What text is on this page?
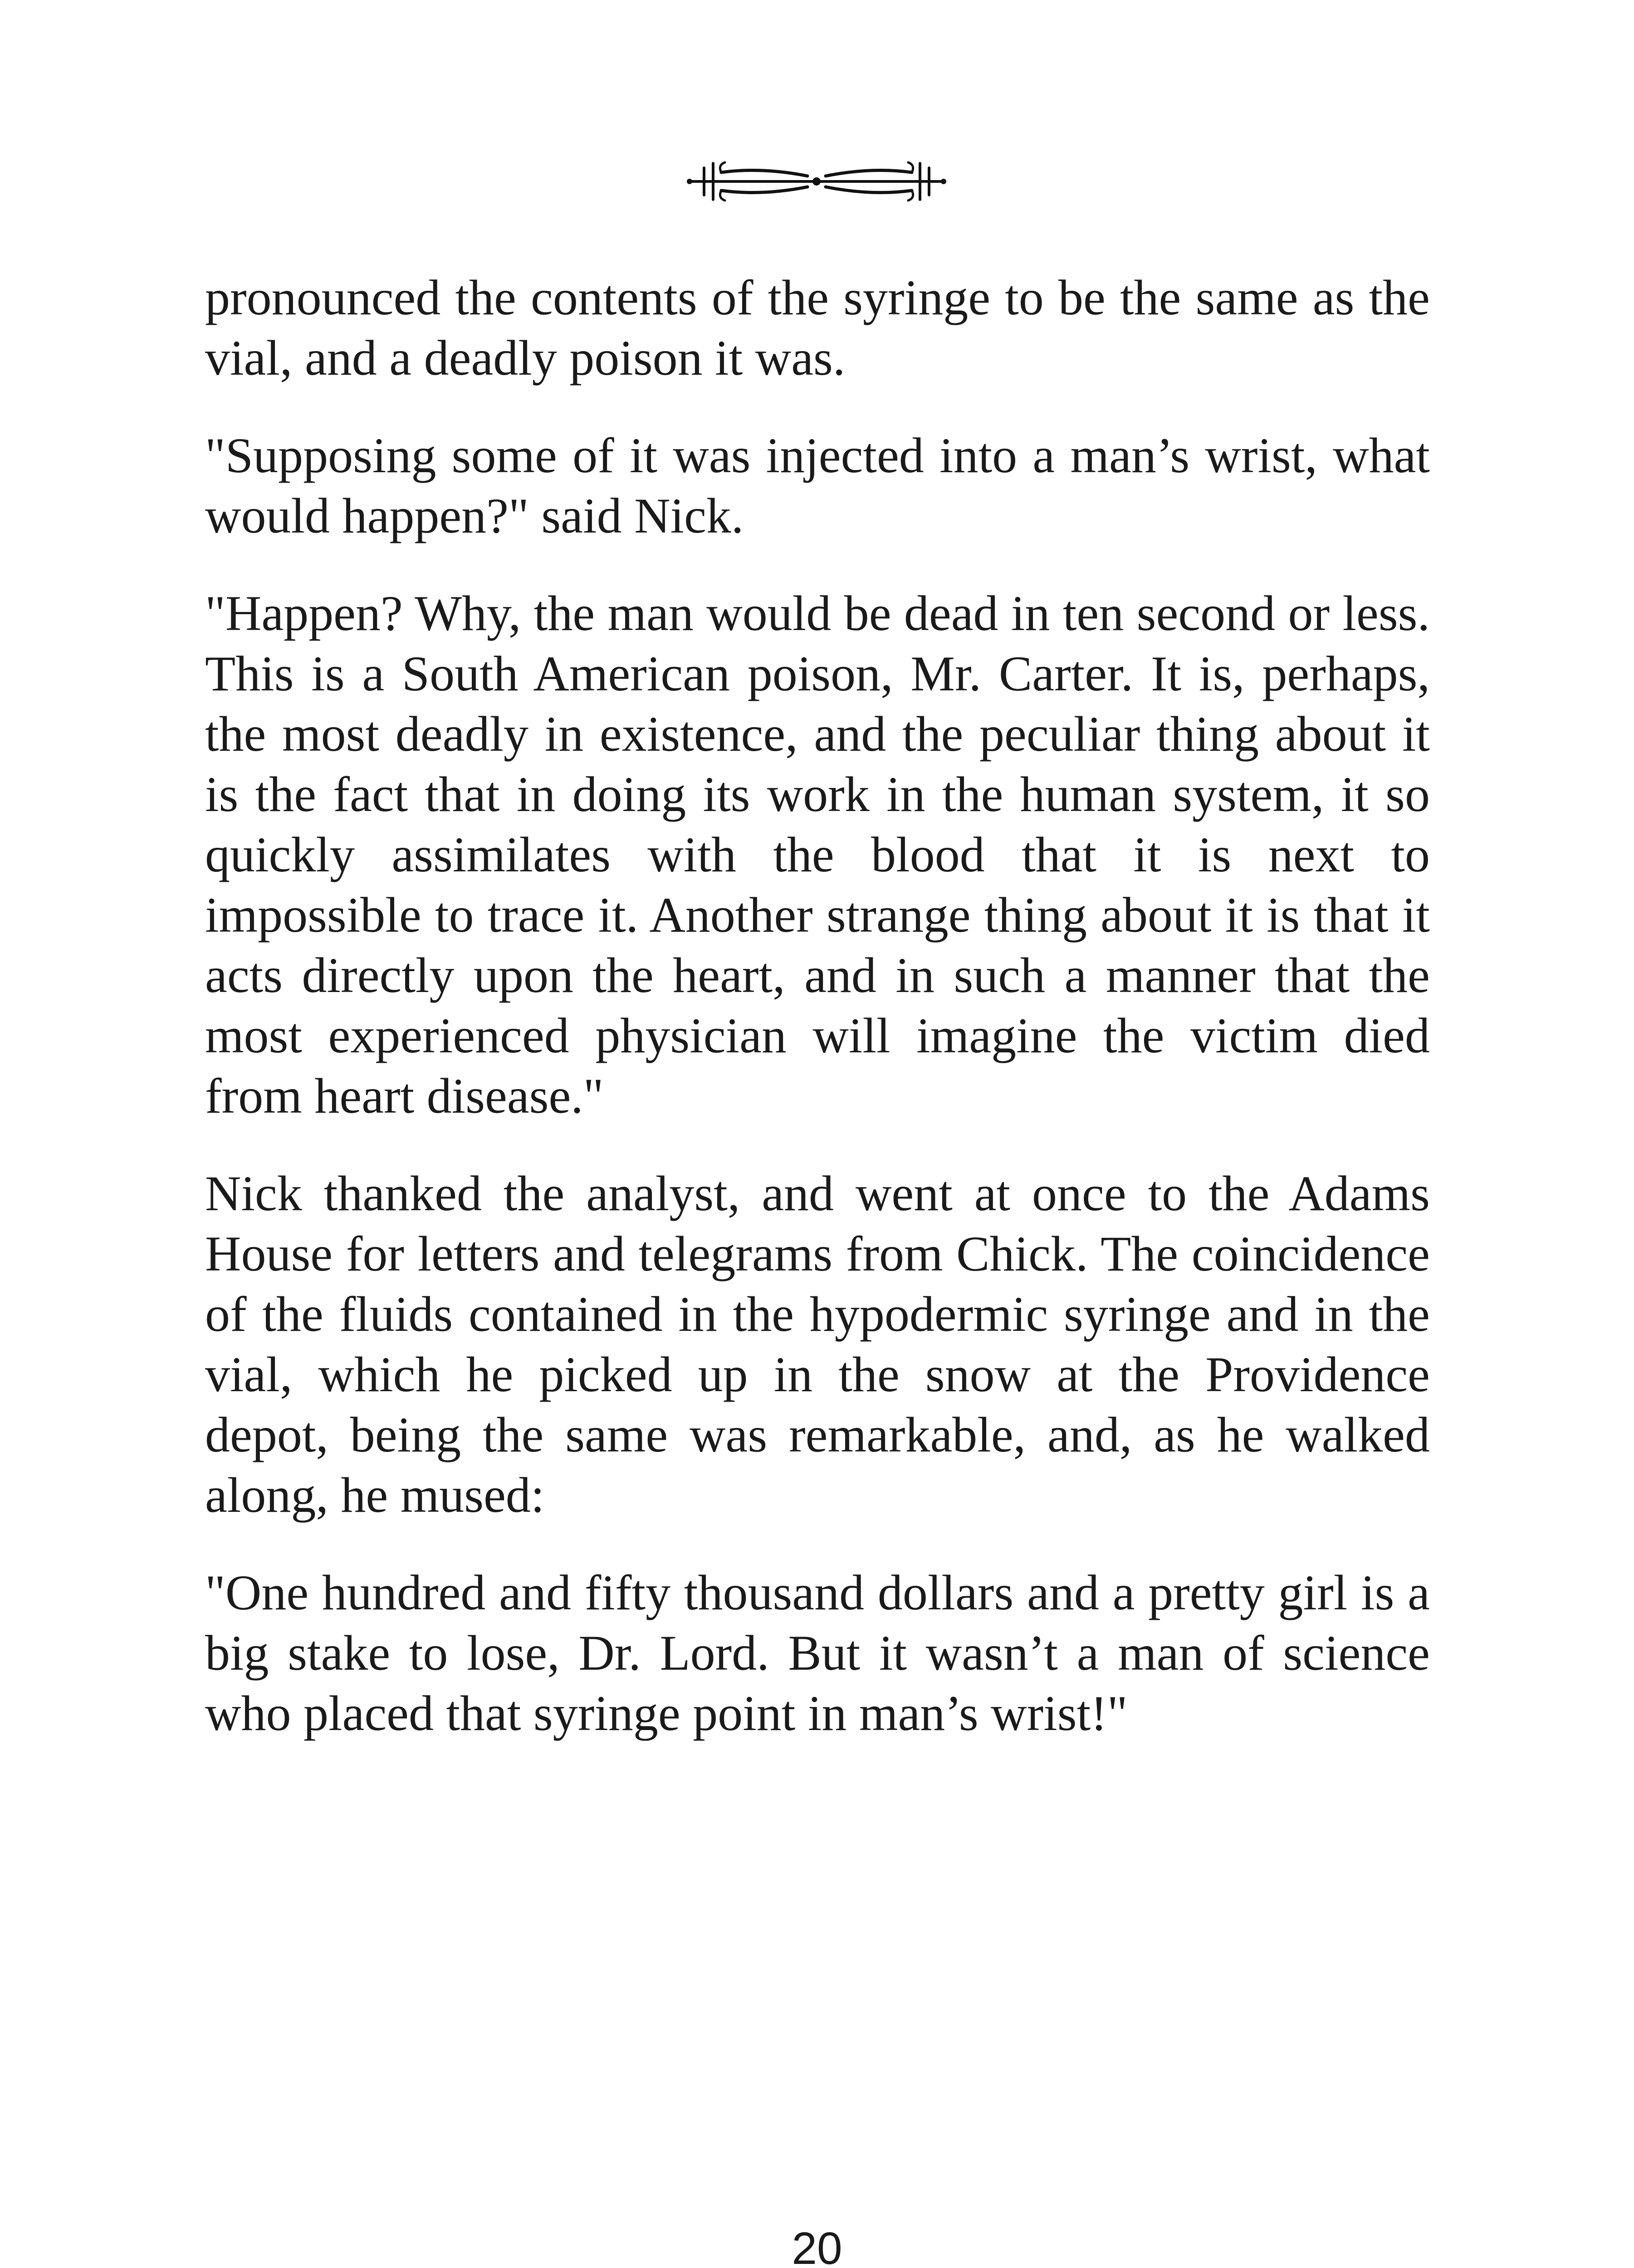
pronounced the contents of the syringe to be the same as the vial, and a deadly poison it was.

"Supposing some of it was injected into a man’s wrist, what would happen?" said Nick.

"Happen? Why, the man would be dead in ten second or less. This is a South American poison, Mr. Carter. It is, perhaps, the most deadly in existence, and the peculiar thing about it is the fact that in doing its work in the human system, it so quickly assimilates with the blood that it is next to impossible to trace it. Another strange thing about it is that it acts directly upon the heart, and in such a manner that the most experienced physician will imagine the victim died from heart disease."

Nick thanked the analyst, and went at once to the Adams House for letters and telegrams from Chick. The coincidence of the fluids contained in the hypodermic syringe and in the vial, which he picked up in the snow at the Providence depot, being the same was remarkable, and, as he walked along, he mused:

"One hundred and fifty thousand dollars and a pretty girl is a big stake to lose, Dr. Lord. But it wasn’t a man of science who placed that syringe point in man’s wrist!"

20
